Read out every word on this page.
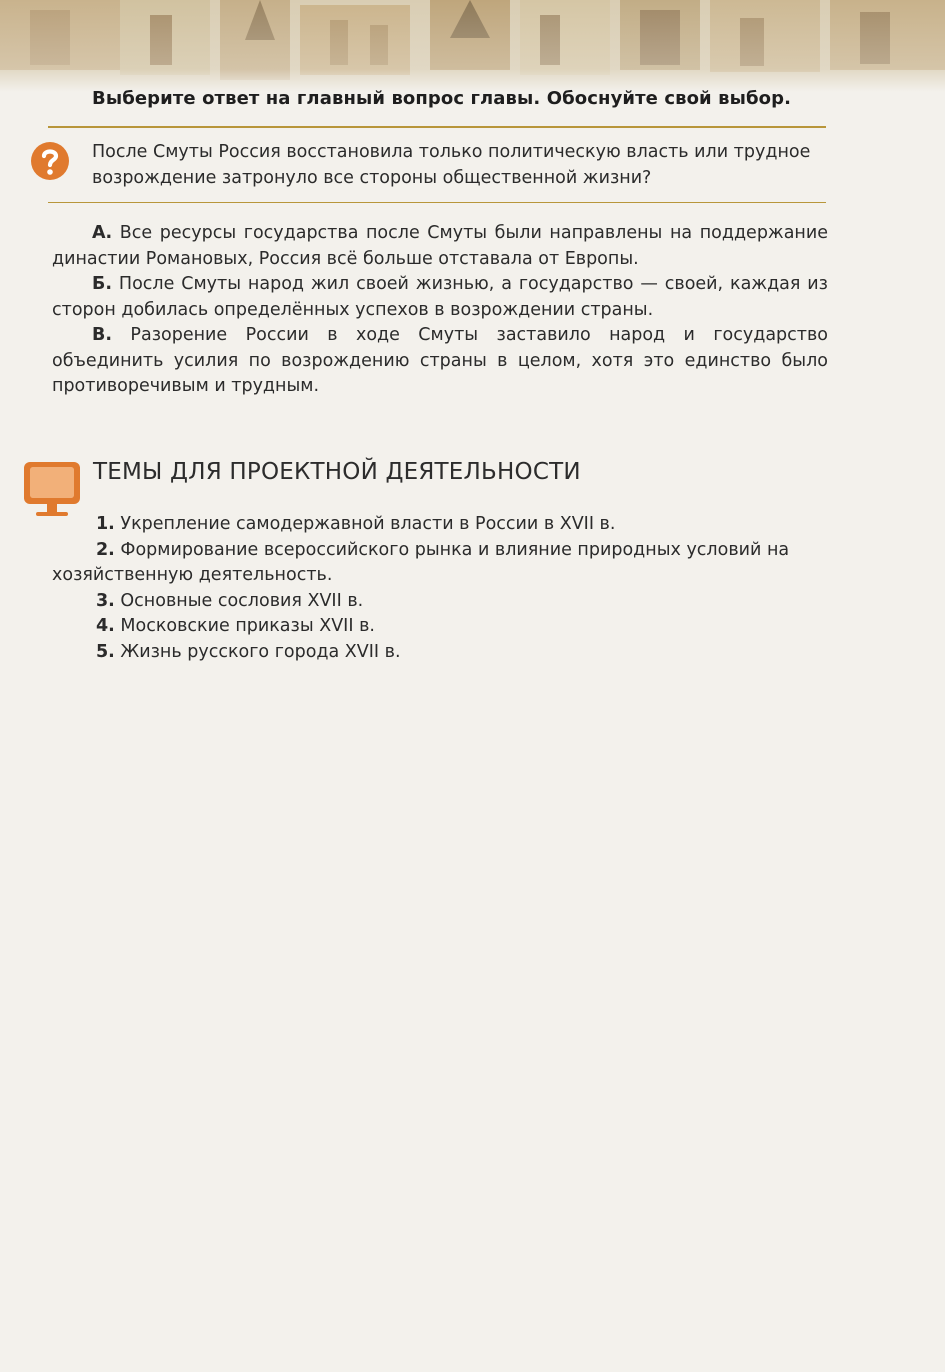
Выберите ответ на главный вопрос главы. Обоснуйте свой выбор.
После Смуты Россия восстановила только политическую власть или трудное возрождение затронуло все стороны общественной жизни?

А. Все ресурсы государства после Смуты были направлены на поддержание династии Романовых, Россия всё больше отставала от Европы.

Б. После Смуты народ жил своей жизнью, а государство — своей, каждая из сторон добилась определённых успехов в возрождении страны.

В. Разорение России в ходе Смуты заставило народ и государство объединить усилия по возрождению страны в целом, хотя это единство было противоречивым и трудным.

ТЕМЫ ДЛЯ ПРОЕКТНОЙ ДЕЯТЕЛЬНОСТИ

1. Укрепление самодержавной власти в России в XVII в.

2. Формирование всероссийского рынка и влияние природных условий на хозяйственную деятельность.

3. Основные сословия XVII в.

4. Московские приказы XVII в.

5. Жизнь русского города XVII в.
